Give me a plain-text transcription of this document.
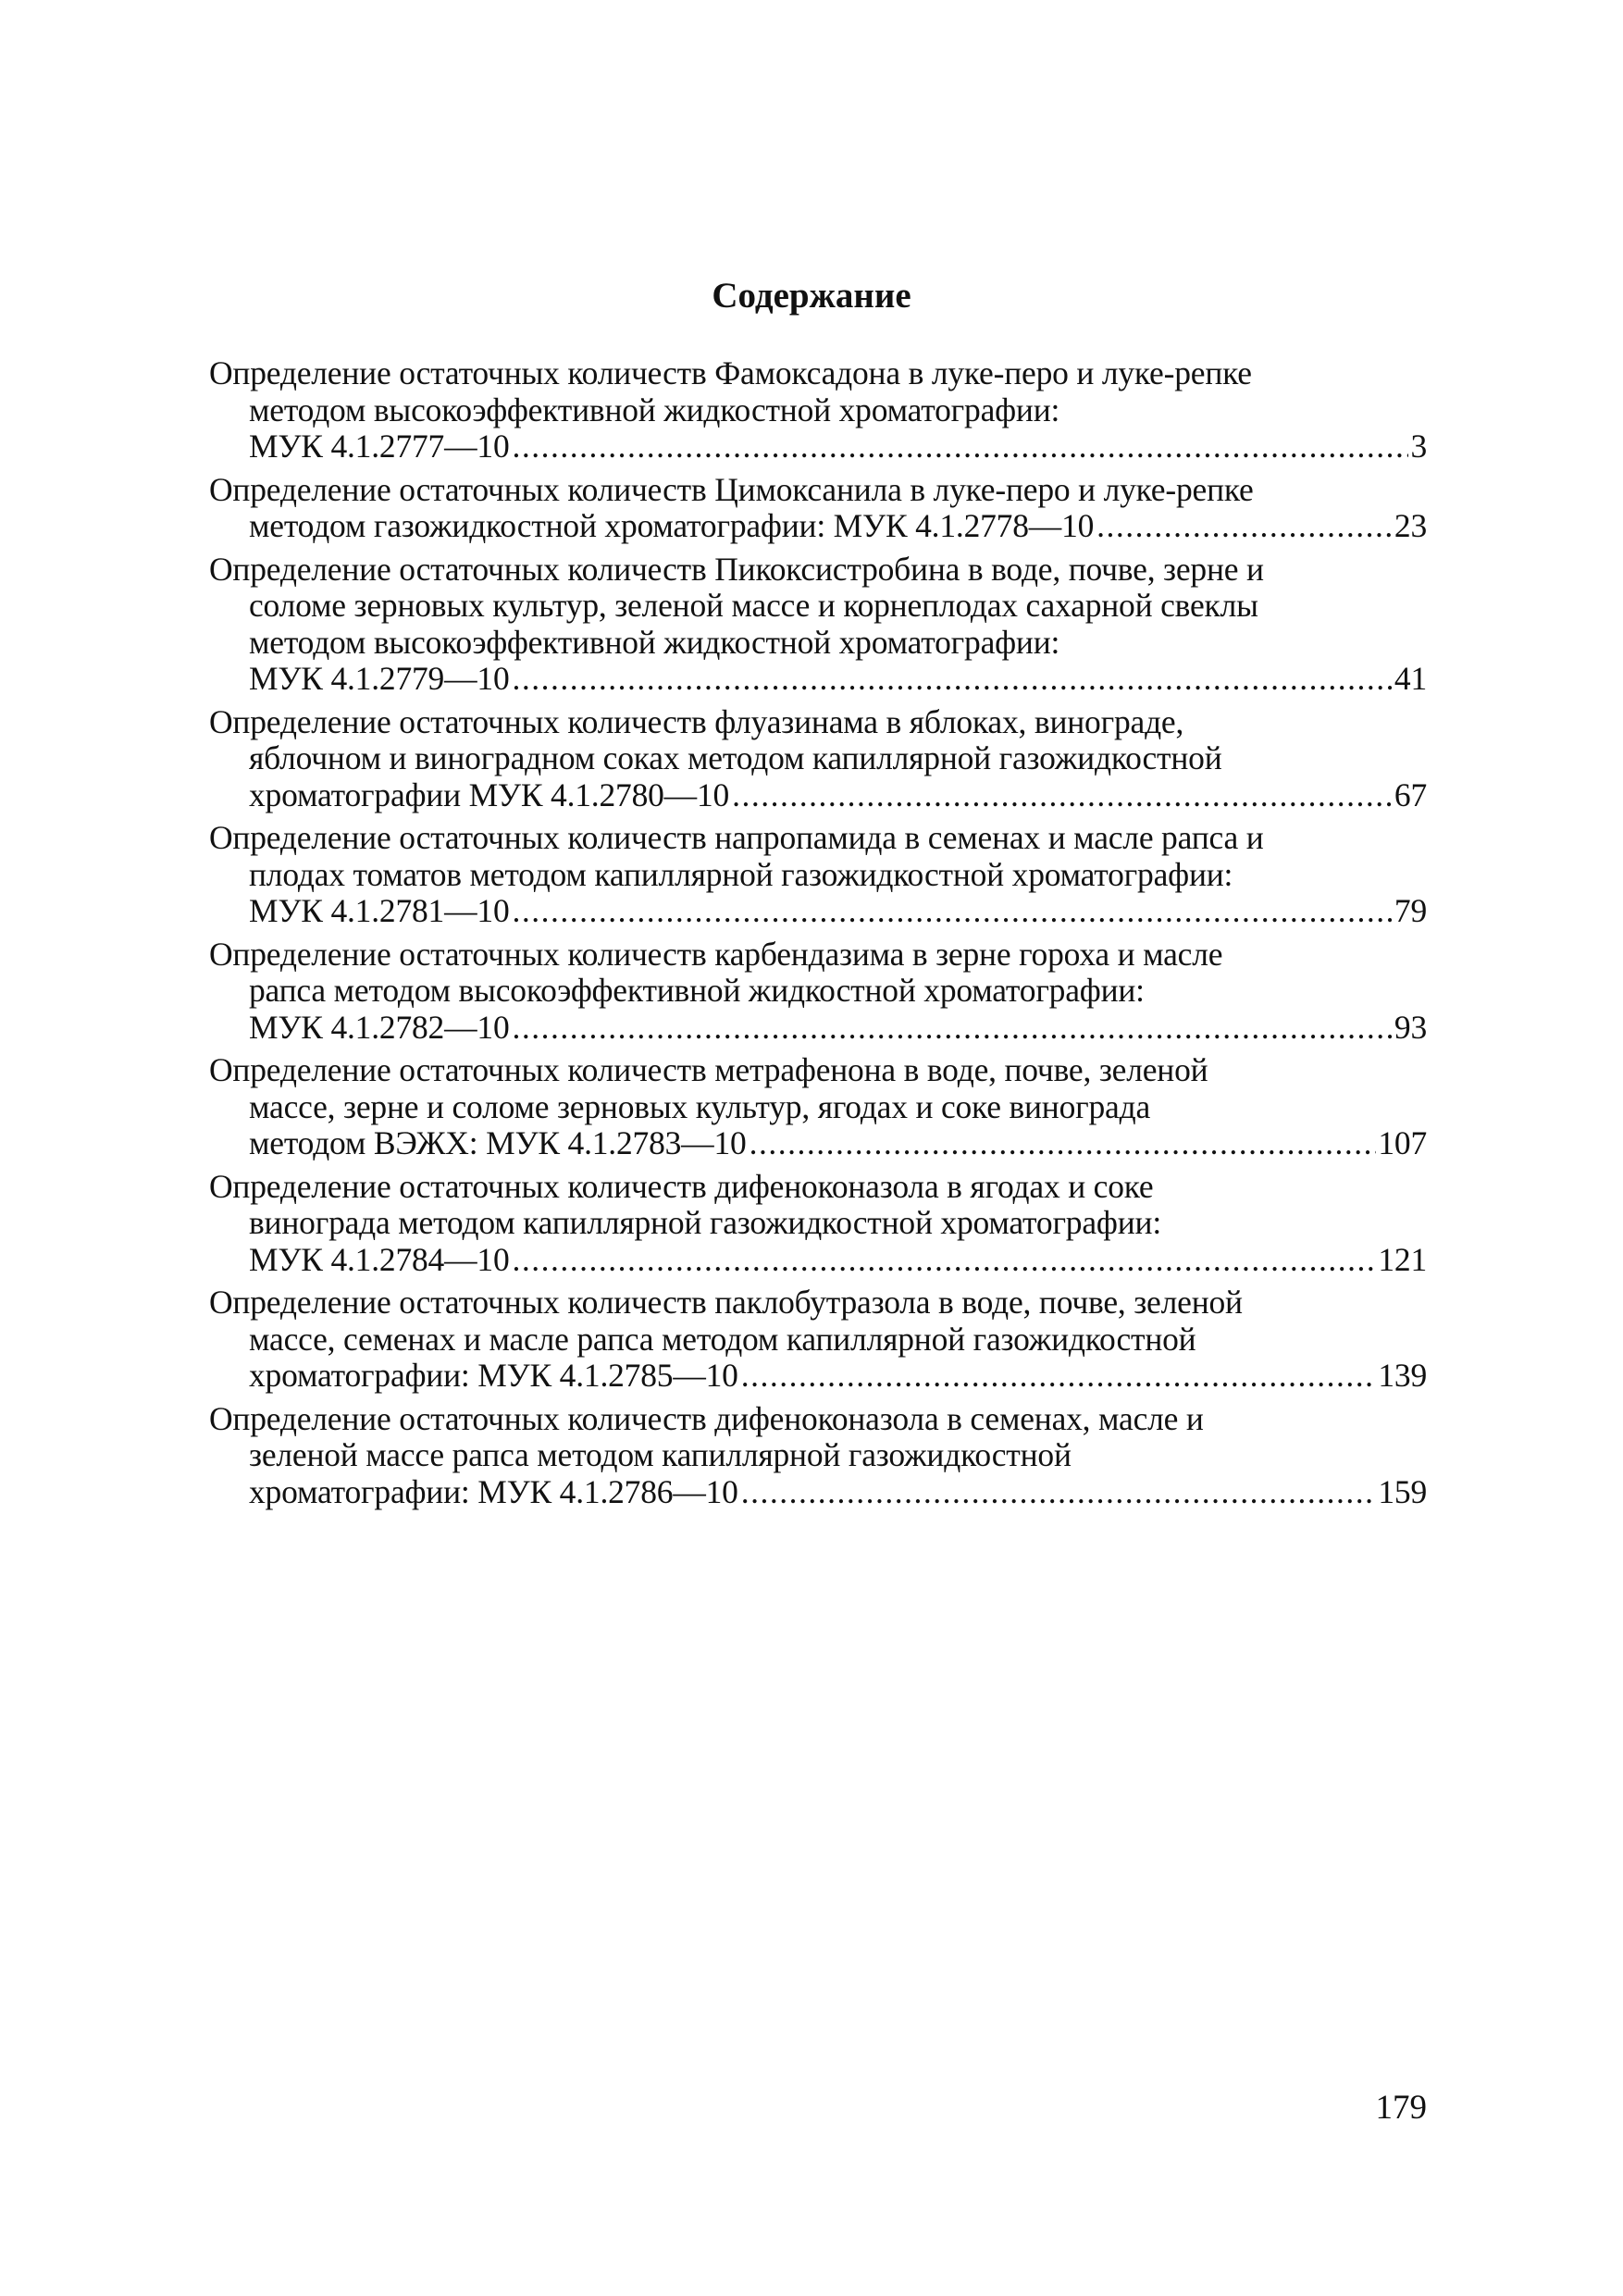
Содержание
Определение остаточных количеств Фамоксадона в луке-перо и луке-репке
методом высокоэффективной жидкостной хроматографии:
МУК 4.1.2777—10 .....	3
Определение остаточных количеств Цимоксанила в луке-перо и луке-репке
методом газожидкостной хроматографии: МУК 4.1.2778—10 .....	23
Определение остаточных количеств Пикоксистробина в воде, почве, зерне и
соломе зерновых культур, зеленой массе и корнеплодах сахарной свеклы
методом высокоэффективной жидкостной хроматографии:
МУК 4.1.2779—10 .....	41
Определение остаточных количеств флуазинама в яблоках, винограде,
яблочном и виноградном соках методом капиллярной газожидкостной
хроматографии МУК 4.1.2780—10 .....	67
Определение остаточных количеств напропамида в семенах и масле рапса и
плодах томатов методом капиллярной газожидкостной хроматографии:
МУК 4.1.2781—10 .....	79
Определение остаточных количеств карбендазима в зерне гороха и масле
рапса методом высокоэффективной жидкостной хроматографии:
МУК 4.1.2782—10 .....	93
Определение остаточных количеств метрафенона в воде, почве, зеленой
массе, зерне и соломе зерновых культур, ягодах и соке винограда
методом ВЭЖХ: МУК 4.1.2783—10 .....	107
Определение остаточных количеств дифеноконазола в ягодах и соке
винограда методом капиллярной газожидкостной хроматографии:
МУК 4.1.2784—10 .....	121
Определение остаточных количеств паклобутразола в воде, почве, зеленой
массе, семенах и масле рапса методом капиллярной газожидкостной
хроматографии: МУК 4.1.2785—10 .....	139
Определение остаточных количеств дифеноконазола в семенах, масле и
зеленой массе рапса методом капиллярной газожидкостной
хроматографии: МУК 4.1.2786—10 .....	159
179
